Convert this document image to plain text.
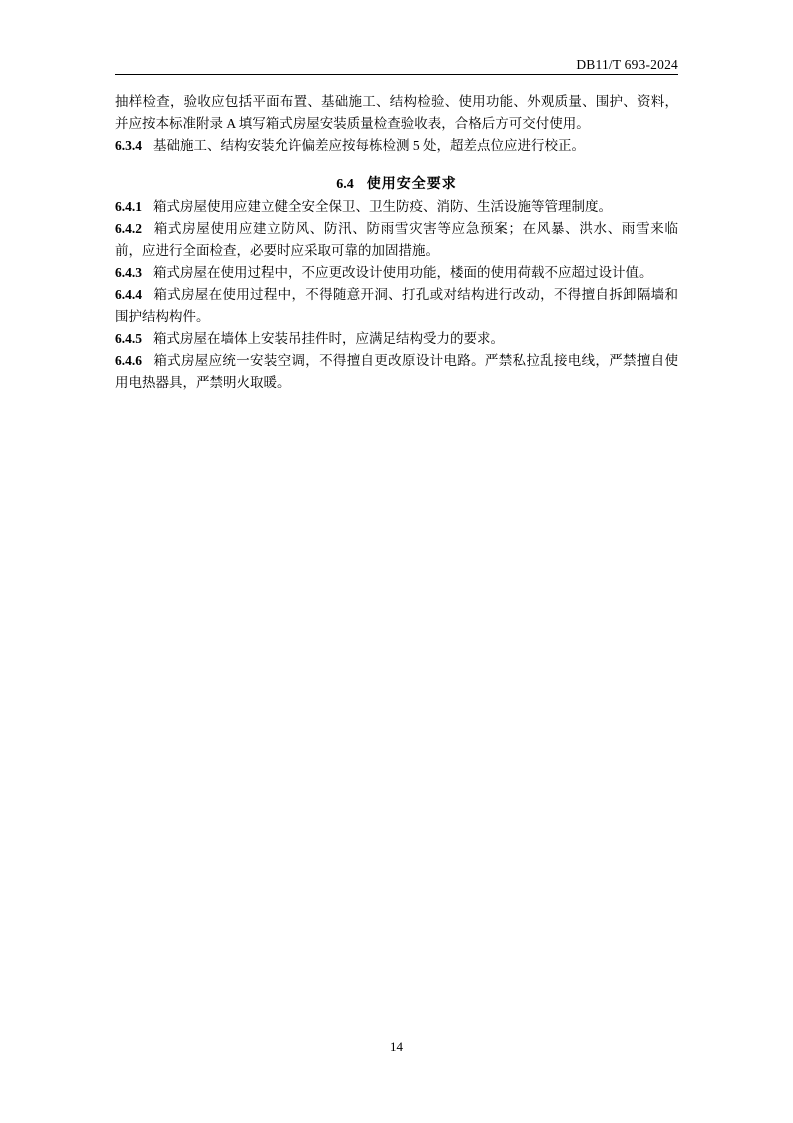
DB11/T 693-2024

抽样检查，验收应包括平面布置、基础施工、结构检验、使用功能、外观质量、围护、资料，并应按本标准附录 A 填写箱式房屋安装质量检查验收表，合格后方可交付使用。

6.3.4 基础施工、结构安装允许偏差应按每栋检测 5 处，超差点位应进行校正。

6.4 使用安全要求

6.4.1 箱式房屋使用应建立健全安全保卫、卫生防疫、消防、生活设施等管理制度。

6.4.2 箱式房屋使用应建立防风、防汛、防雨雪灾害等应急预案；在风暴、洪水、雨雪来临前，应进行全面检查，必要时应采取可靠的加固措施。

6.4.3 箱式房屋在使用过程中，不应更改设计使用功能，楼面的使用荷载不应超过设计值。

6.4.4 箱式房屋在使用过程中，不得随意开洞、打孔或对结构进行改动，不得擅自拆卸隔墙和围护结构构件。

6.4.5 箱式房屋在墙体上安装吊挂件时，应满足结构受力的要求。

6.4.6 箱式房屋应统一安装空调，不得擅自更改原设计电路。严禁私拉乱接电线，严禁擅自使用电热器具，严禁明火取暖。

14
